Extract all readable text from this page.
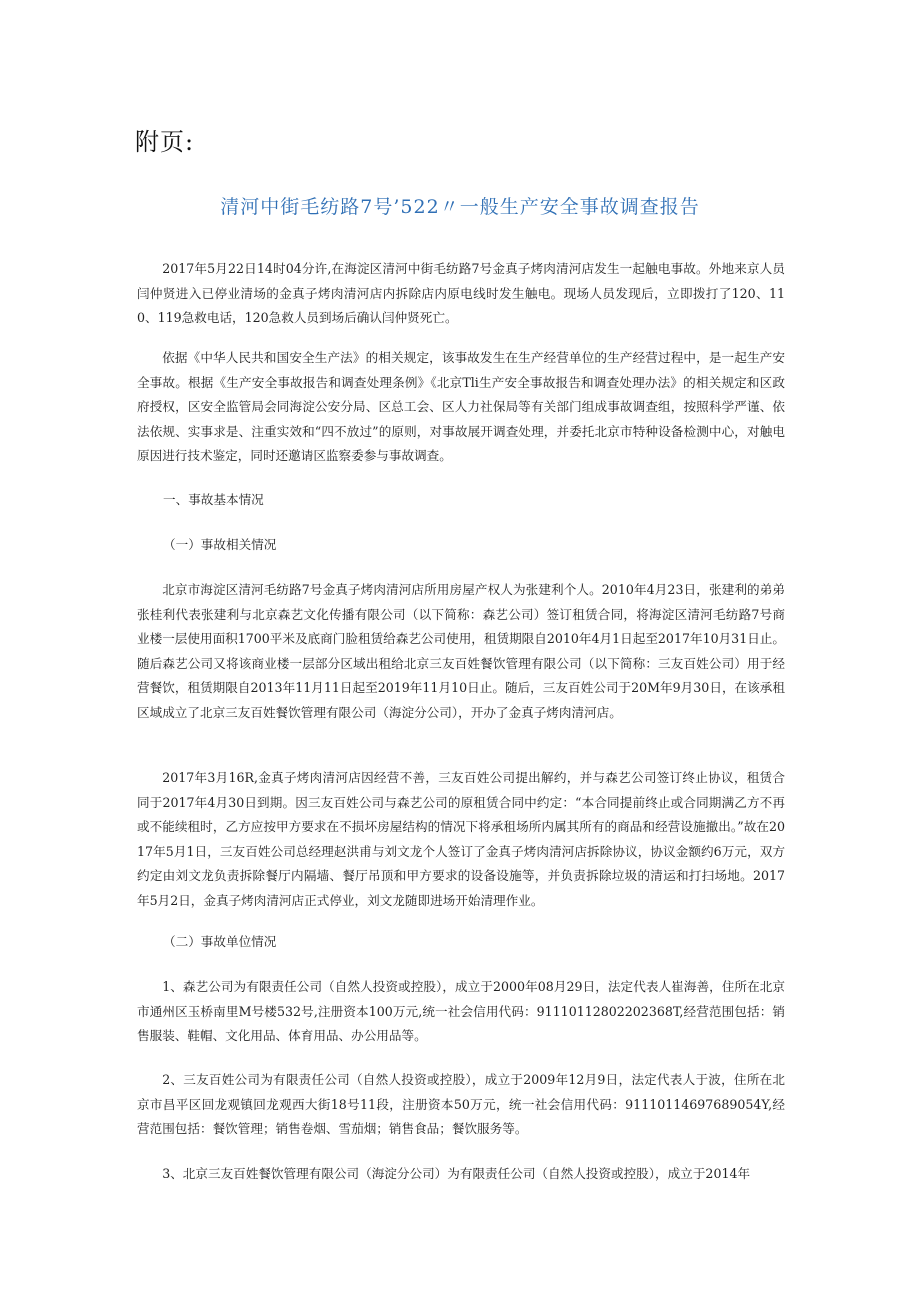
附页:
清河中街毛纺路7号’522〃一般生产安全事故调查报告

2017年5月22日14时04分许,在海淀区清河中街毛纺路7号金真子烤肉清河店发生一起触电事故。外地来京人员闫仲贤进入已停业清场的金真子烤肉清河店内拆除店内原电线时发生触电。现场人员发现后，立即拨打了120、110、119急救电话，120急救人员到场后确认闫仲贤死亡。

依据《中华人民共和国安全生产法》的相关规定，该事故发生在生产经营单位的生产经营过程中，是一起生产安全事故。根据《生产安全事故报告和调查处理条例》《北京Tli生产安全事故报告和调查处理办法》的相关规定和区政府授权，区安全监管局会同海淀公安分局、区总工会、区人力社保局等有关部门组成事故调查组，按照科学严谨、依法依规、实事求是、注重实效和“四不放过”的原则，对事故展开调查处理，并委托北京市特种设备检测中心，对触电原因进行技术鉴定，同时还邀请区监察委参与事故调查。

一、事故基本情况

（一）事故相关情况

北京市海淀区清河毛纺路7号金真子烤肉清河店所用房屋产权人为张建利个人。2010年4月23日，张建利的弟弟张桂利代表张建利与北京森艺文化传播有限公司（以下简称：森艺公司）签订租赁合同，将海淀区清河毛纺路7号商业楼一层使用面积1700平米及底商门脸租赁给森艺公司使用，租赁期限自2010年4月1日起至2017年10月31日止。随后森艺公司又将该商业楼一层部分区域出租给北京三友百姓餐饮管理有限公司（以下简称：三友百姓公司）用于经营餐饮，租赁期限自2013年11月11日起至2019年11月10日止。随后，三友百姓公司于20M年9月30日，在该承租区域成立了北京三友百姓餐饮管理有限公司（海淀分公司），开办了金真子烤肉清河店。

2017年3月16R,金真子烤肉清河店因经营不善，三友百姓公司提出解约，并与森艺公司签订终止协议，租赁合同于2017年4月30日到期。因三友百姓公司与森艺公司的原租赁合同中约定：“本合同提前终止或合同期满乙方不再或不能续租时，乙方应按甲方要求在不损坏房屋结构的情况下将承租场所内属其所有的商品和经营设施撤出。”故在2017年5月1日，三友百姓公司总经理赵洪甫与刘文龙个人签订了金真子烤肉清河店拆除协议，协议金额约6万元，双方约定由刘文龙负责拆除餐厅内隔墙、餐厅吊顶和甲方要求的设备设施等，并负责拆除垃圾的清运和打扫场地。2017年5月2日，金真子烤肉清河店正式停业，刘文龙随即进场开始清理作业。

（二）事故单位情况

1、森艺公司为有限责任公司（自然人投资或控股），成立于2000年08月29日，法定代表人崔海善，住所在北京市通州区玉桥南里M号楼532号,注册资本100万元,统一社会信用代码：9111011280220236​8T,经营范围包括：销售服装、鞋帽、文化用品、体育用品、办公用品等。

2、三友百姓公司为有限责任公司（自然人投资或控股），成立于2009年12月9日，法定代表人于波，住所在北京市昌平区回龙观镇回龙观西大街18号11段，注册资本50万元，统一社会信用代码：91110114697689054Y,经营范围包括：餐饮管理；销售卷烟、雪茄烟；销售食品；餐饮服务等。

3、北京三友百姓餐饮管理有限公司（海淀分公司）为有限责任公司（自然人投资或控股），成立于2014年
